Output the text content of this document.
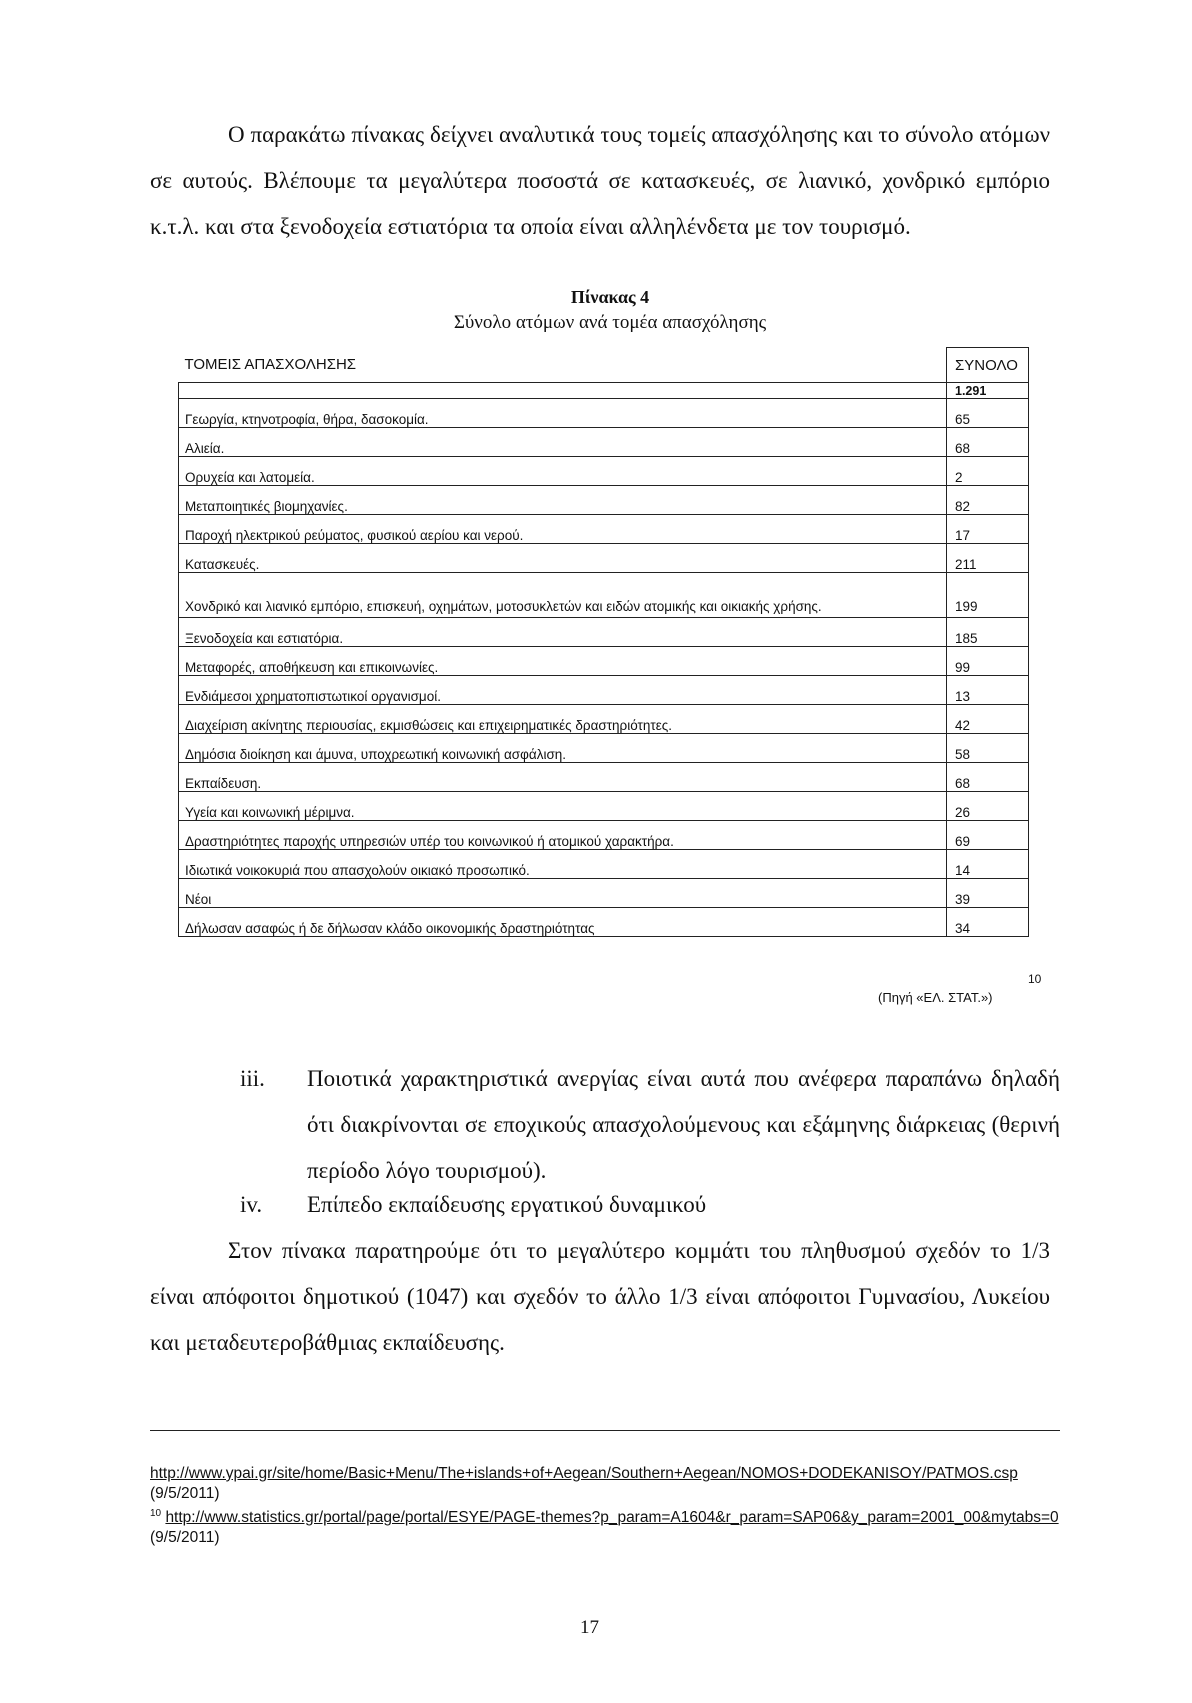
Ο παρακάτω πίνακας δείχνει αναλυτικά τους τομείς απασχόλησης και το σύνολο ατόμων σε αυτούς. Βλέπουμε τα μεγαλύτερα ποσοστά σε κατασκευές, σε λιανικό, χονδρικό εμπόριο κ.τ.λ. και στα ξενοδοχεία εστιατόρια τα οποία είναι αλληλένδετα με τον τουρισμό.

Πίνακας 4
Σύνολο ατόμων ανά τομέα απασχόλησης
ΤΟΜΕΙΣ ΑΠΑΣΧΟΛΗΣΗΣ	ΣΥΝΟΛΟ
	1.291
Γεωργία, κτηνοτροφία, θήρα, δασοκομία.	65
Αλιεία.	68
Ορυχεία και λατομεία.	2
Μεταποιητικές βιομηχανίες.	82
Παροχή ηλεκτρικού ρεύματος, φυσικού αερίου και νερού.	17
Κατασκευές.	211
Χονδρικό και λιανικό εμπόριο, επισκευή, οχημάτων, μοτοσυκλετών και ειδών ατομικής και οικιακής χρήσης.	199
Ξενοδοχεία και εστιατόρια.	185
Μεταφορές, αποθήκευση και επικοινωνίες.	99
Ενδιάμεσοι χρηματοπιστωτικοί οργανισμοί.	13
Διαχείριση ακίνητης περιουσίας, εκμισθώσεις και επιχειρηματικές δραστηριότητες.	42
Δημόσια διοίκηση και άμυνα, υποχρεωτική κοινωνική ασφάλιση.	58
Εκπαίδευση.	68
Υγεία και κοινωνική μέριμνα.	26
Δραστηριότητες παροχής υπηρεσιών υπέρ του κοινωνικού ή ατομικού χαρακτήρα.	69
Ιδιωτικά νοικοκυριά που απασχολούν οικιακό προσωπικό.	14
Νέοι	39
Δήλωσαν ασαφώς ή δε δήλωσαν κλάδο οικονομικής δραστηριότητας	34
10
(Πηγή «ΕΛ. ΣΤΑΤ.»)
iii. Ποιοτικά χαρακτηριστικά ανεργίας είναι αυτά που ανέφερα παραπάνω δηλαδή ότι διακρίνονται σε εποχικούς απασχολούμενους και εξάμηνης διάρκειας (θερινή περίοδο λόγο τουρισμού).
iv. Επίπεδο εκπαίδευσης εργατικού δυναμικού

Στον πίνακα παρατηρούμε ότι το μεγαλύτερο κομμάτι του πληθυσμού σχεδόν το 1/3 είναι απόφοιτοι δημοτικού (1047) και σχεδόν το άλλο 1/3 είναι απόφοιτοι Γυμνασίου, Λυκείου και μεταδευτεροβάθμιας εκπαίδευσης.

http://www.ypai.gr/site/home/Basic+Menu/The+islands+of+Aegean/Southern+Aegean/NOMOS+DODEKANISOY/PATMOS.csp (9/5/2011)
$^{10}$ http://www.statistics.gr/portal/page/portal/ESYE/PAGE-themes?p_param=A1604&r_param=SAP06&y_param=2001_00&mytabs=0 (9/5/2011)
17
